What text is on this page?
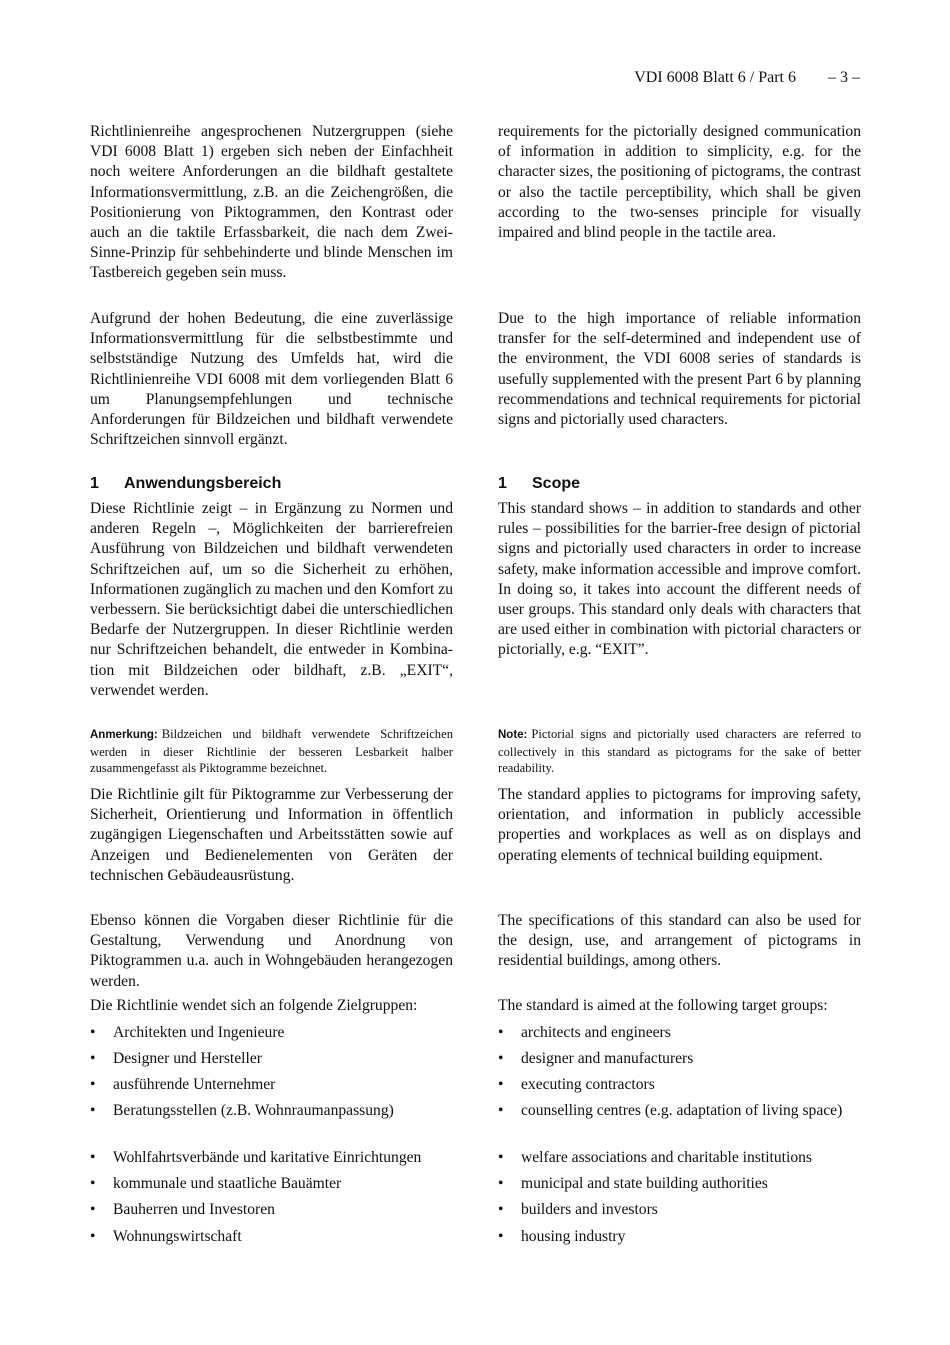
VDI 6008 Blatt 6 / Part 6 – 3 –

Richtlinienreihe angesprochenen Nutzergruppen (siehe VDI 6008 Blatt 1) ergeben sich neben der Einfachheit noch weitere Anforderungen an die bildhaft gestaltete Informationsvermittlung, z.B. an die Zeichengrößen, die Positionierung von Piktogrammen, den Kontrast oder auch an die taktile Erfassbarkeit, die nach dem Zwei-Sinne-Prinzip für sehbehinderte und blinde Menschen im Tastbereich gegeben sein muss.

Aufgrund der hohen Bedeutung, die eine zuverlässige Informationsvermittlung für die selbstbestimmte und selbstständige Nutzung des Umfelds hat, wird die Richtlinienreihe VDI 6008 mit dem vorliegenden Blatt 6 um Planungsempfehlungen und technische Anforderungen für Bildzeichen und bildhaft verwendete Schriftzeichen sinnvoll ergänzt.

1 Anwendungsbereich

Diese Richtlinie zeigt – in Ergänzung zu Normen und anderen Regeln –, Möglichkeiten der barrierefreien Ausführung von Bildzeichen und bildhaft verwendeten Schriftzeichen auf, um so die Sicherheit zu erhöhen, Informationen zugänglich zu machen und den Komfort zu verbessern. Sie berücksichtigt dabei die unterschiedlichen Bedarfe der Nutzergruppen. In dieser Richtlinie werden nur Schriftzeichen behandelt, die entweder in Kombination mit Bildzeichen oder bildhaft, z.B. „EXIT“, verwendet werden.

Anmerkung: Bildzeichen und bildhaft verwendete Schriftzeichen werden in dieser Richtlinie der besseren Lesbarkeit halber zusammengefasst als Piktogramme bezeichnet.

Die Richtlinie gilt für Piktogramme zur Verbesserung der Sicherheit, Orientierung und Information in öffentlich zugängigen Liegenschaften und Arbeitsstätten sowie auf Anzeigen und Bedienelementen von Geräten der technischen Gebäudeausrüstung.

Ebenso können die Vorgaben dieser Richtlinie für die Gestaltung, Verwendung und Anordnung von Piktogrammen u.a. auch in Wohngebäuden herangezogen werden.

Die Richtlinie wendet sich an folgende Zielgruppen:

• Architekten und Ingenieure
• Designer und Hersteller
• ausführende Unternehmer
• Beratungsstellen (z.B. Wohnraumanpassung)
• Wohlfahrtsverbände und karitative Einrichtungen
• kommunale und staatliche Bauämter
• Bauherren und Investoren
• Wohnungswirtschaft

requirements for the pictorially designed communication of information in addition to simplicity, e.g. for the character sizes, the positioning of pictograms, the contrast or also the tactile perceptibility, which shall be given according to the two-senses principle for visually impaired and blind people in the tactile area.

Due to the high importance of reliable information transfer for the self-determined and independent use of the environment, the VDI 6008 series of standards is usefully supplemented with the present Part 6 by planning recommendations and technical requirements for pictorial signs and pictorially used characters.

1 Scope

This standard shows – in addition to standards and other rules – possibilities for the barrier-free design of pictorial signs and pictorially used characters in order to increase safety, make information accessible and improve comfort. In doing so, it takes into account the different needs of user groups. This standard only deals with characters that are used either in combination with pictorial characters or pictorially, e.g. “EXIT”.

Note: Pictorial signs and pictorially used characters are referred to collectively in this standard as pictograms for the sake of better readability.

The standard applies to pictograms for improving safety, orientation, and information in publicly accessible properties and workplaces as well as on displays and operating elements of technical building equipment.

The specifications of this standard can also be used for the design, use, and arrangement of pictograms in residential buildings, among others.

The standard is aimed at the following target groups:

• architects and engineers
• designer and manufacturers
• executing contractors
• counselling centres (e.g. adaptation of living space)
• welfare associations and charitable institutions
• municipal and state building authorities
• builders and investors
• housing industry
